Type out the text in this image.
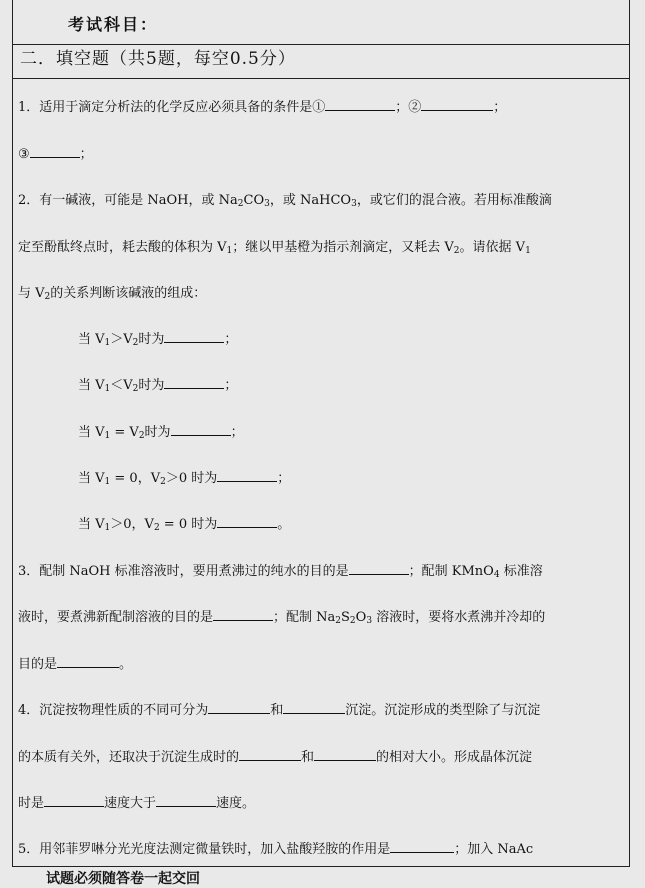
考试科目：
二．填空题（共5题，每空0.5分）
1．适用于滴定分析法的化学反应必须具备的条件是①	；②	；
③	；
2．有一碱液，可能是 NaOH，或 $Na_2CO_3$，或 NaHCO$_3$，或它们的混合液。若用标准酸滴
定至酚酞终点时，耗去酸的体积为 $V_1$；继以甲基橙为指示剂滴定，又耗去 $V_2$。请依据 $V_1$
与 $V_2$的关系判断该碱液的组成：
当 $V_1>V_2$时为	；
当 $V_1<V_2$时为	；
当 $V_1 = V_2$时为	；
当 $V_1 = 0$，$V_2>0$ 时为	；
当 $V_1>0$，$V_2 = 0$ 时为	。
3．配制 NaOH 标准溶液时，要用煮沸过的纯水的目的是	；配制 KMnO$_4$ 标准溶
液时，要煮沸新配制溶液的目的是	；配制 $Na_2S_2O_3$ 溶液时，要将水煮沸并冷却的
目的是	。
4．沉淀按物理性质的不同可分为	和	沉淀。沉淀形成的类型除了与沉淀
的本质有关外，还取决于沉淀生成时的	和	的相对大小。形成晶体沉淀
时是	速度大于	速度。
5．用邻菲罗啉分光光度法测定微量铁时，加入盐酸羟胺的作用是	；加入 NaAc
试题必须随答卷一起交回
